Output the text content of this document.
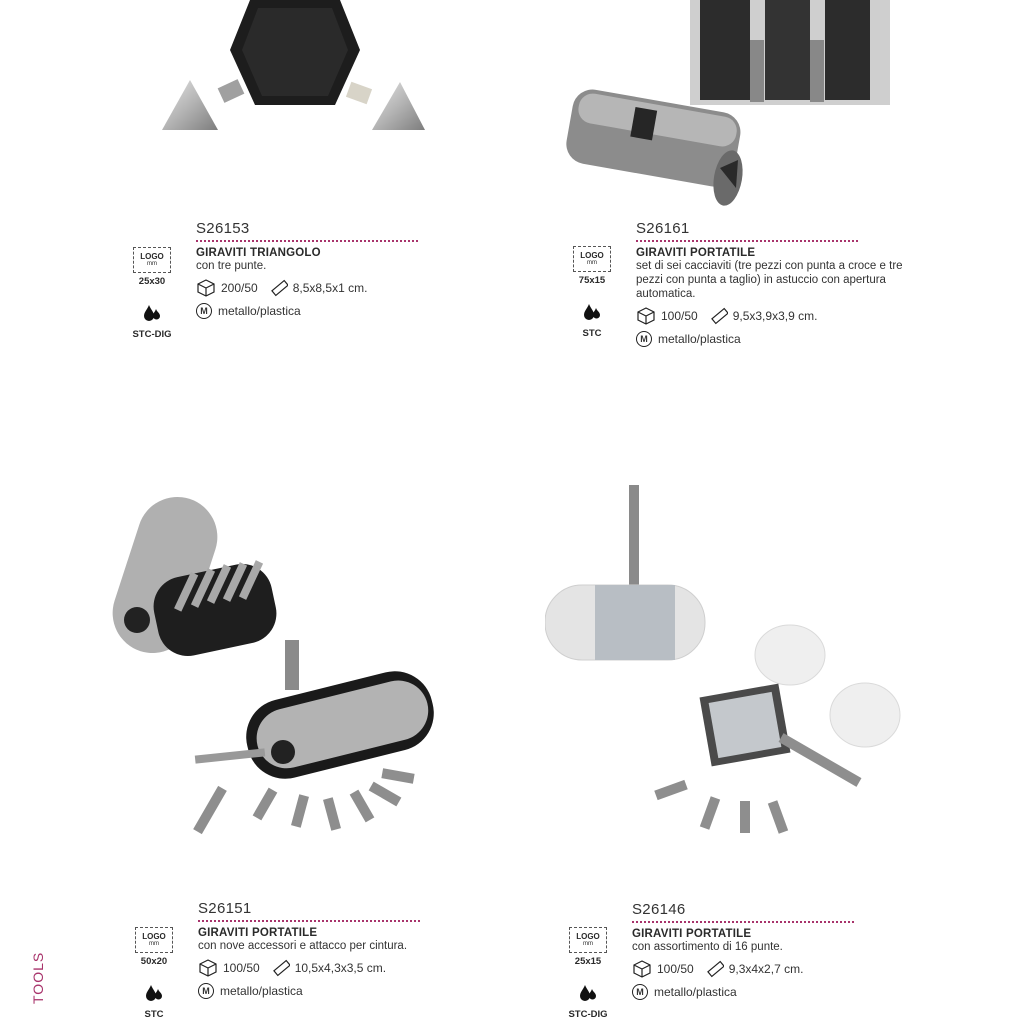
LOGO
mm
25x30
STC-DIG
LOGO
mm
75x15
STC
LOGO
mm
50x20
STC
LOGO
mm
25x15
STC-DIG
S26153
GIRAVITI TRIANGOLO
con tre punte.
200/50	8,5x8,5x1 cm.
M metallo/plastica
S26161
GIRAVITI PORTATILE
set di sei cacciaviti (tre pezzi con punta a croce e tre pezzi con punta a taglio) in astuccio con apertura automatica.
100/50	9,5x3,9x3,9 cm.
M metallo/plastica
S26151
GIRAVITI PORTATILE
con nove accessori e attacco per cintura.
100/50	10,5x4,3x3,5 cm.
M metallo/plastica
S26146
GIRAVITI PORTATILE
con assortimento di 16 punte.
100/50	9,3x4x2,7 cm.
M metallo/plastica
TOOLS
